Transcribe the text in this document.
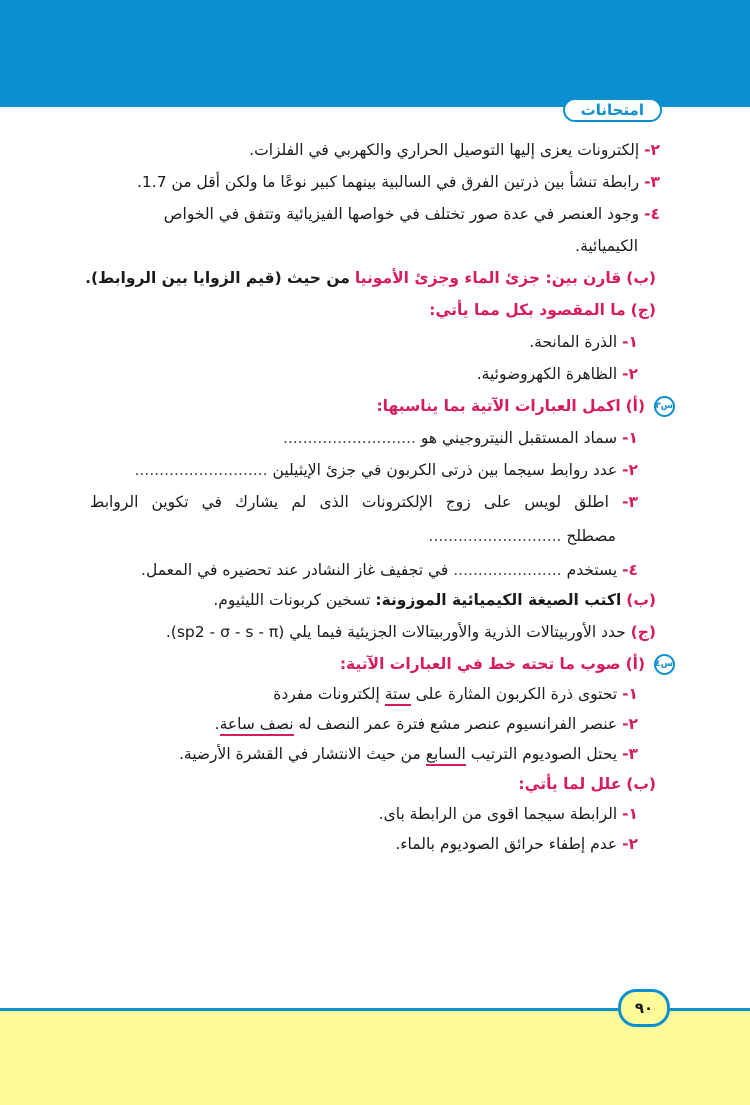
امتحانات
٢- إلكترونات يعزى إليها التوصيل الحراري والكهربي في الفلزات.
٣- رابطة تنشأ بين ذرتين الفرق في السالبية بينهما كبير نوعًا ما ولكن أقل من 1.7.
٤- وجود العنصر في عدة صور تختلف في خواصها الفيزيائية وتتفق في الخواص
الكيميائية.
(ب) قارن بين: جزئ الماء وجزئ الأمونيا من حيث (قيم الزوايا بين الروابط).
(ج) ما المقصود بكل مما يأتي:
١- الذرة المانحة.
٢- الظاهرة الكهروضوئية.
س٣ (أ) اكمل العبارات الآتية بما يناسبها:
١- سماد المستقبل النيتروجيني هو ...........................
٢- عدد روابط سيجما بين ذرتى الكربون في جزئ الإيثيلين ...........................
٣- اطلق لويس على زوج الإلكترونات الذى لم يشارك في تكوين الروابط
مصطلح ...........................
٤- يستخدم ...................... في تجفيف غاز النشادر عند تحضيره في المعمل.
(ب) اكتب الصيغة الكيميائية الموزونة: تسخين كربونات الليثيوم.
(ج) حدد الأوربيتالات الذرية والأوربيتالات الجزيئية فيما يلي (sp2 - σ - s - π).
س٤ (أ) صوب ما تحته خط في العبارات الآتية:
١- تحتوى ذرة الكربون المثارة على ستة إلكترونات مفردة
٢- عنصر الفرانسيوم عنصر مشع فترة عمر النصف له نصف ساعة.
٣- يحتل الصوديوم الترتيب السابع من حيث الانتشار في القشرة الأرضية.
(ب) علل لما يأتي:
١- الرابطة سيجما اقوى من الرابطة باى.
٢- عدم إطفاء حرائق الصوديوم بالماء.
٩٠
